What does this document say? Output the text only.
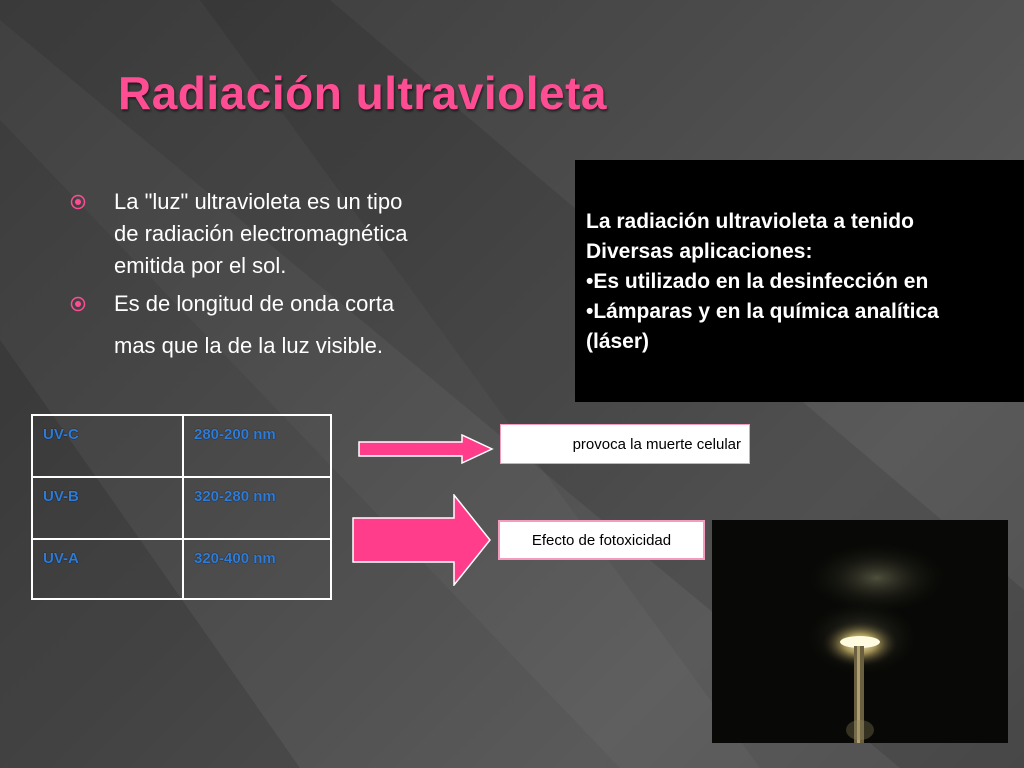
Radiación ultravioleta

La "luz" ultravioleta es un tipo

de radiación electromagnética

emitida por el sol.

Es de longitud de onda corta

mas que la de la luz visible.

La radiación ultravioleta a tenido
Diversas aplicaciones:
•Es utilizado en la desinfección en
•Lámparas y en la química analítica
(láser)
UV-C	280-200 nm
UV-B	320-280 nm
UV-A	320-400 nm
provoca la muerte celular
Efecto de fotoxicidad
